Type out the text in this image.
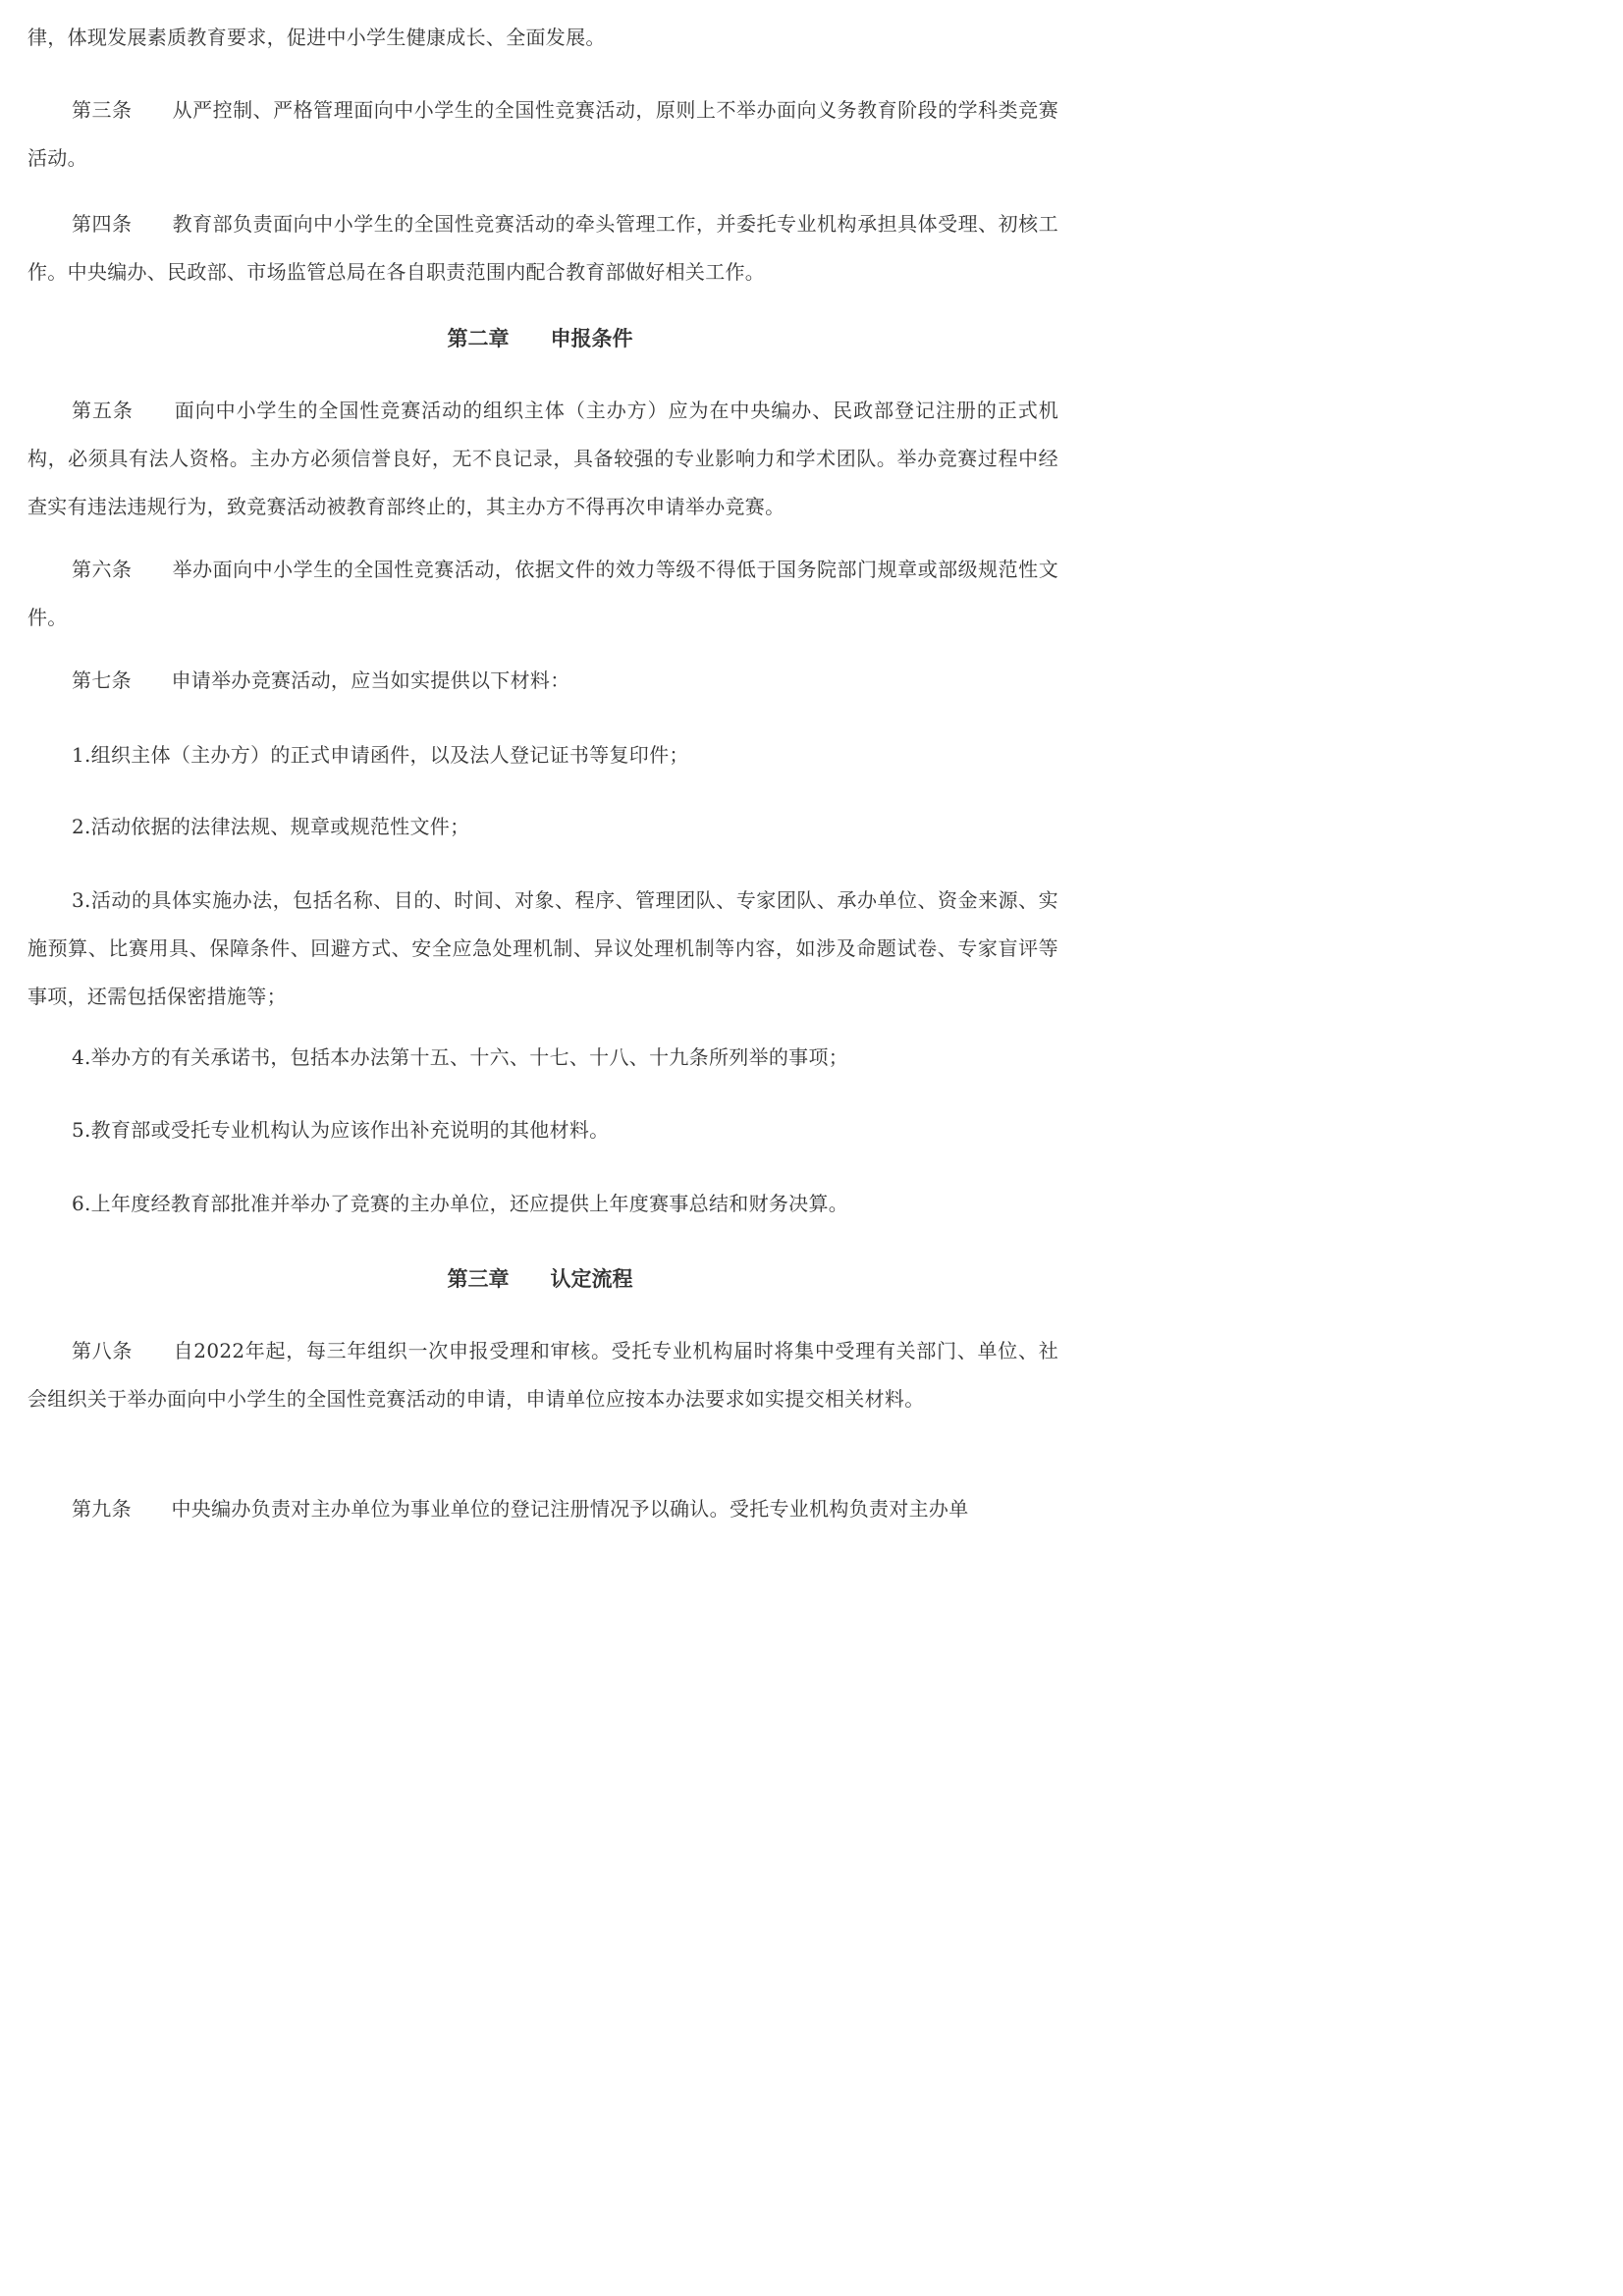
律，体现发展素质教育要求，促进中小学生健康成长、全面发展。

第三条　　从严控制、严格管理面向中小学生的全国性竞赛活动，原则上不举办面向义务教育阶段的学科类竞赛活动。

第四条　　教育部负责面向中小学生的全国性竞赛活动的牵头管理工作，并委托专业机构承担具体受理、初核工作。中央编办、民政部、市场监管总局在各自职责范围内配合教育部做好相关工作。

第二章　　申报条件

第五条　　面向中小学生的全国性竞赛活动的组织主体（主办方）应为在中央编办、民政部登记注册的正式机构，必须具有法人资格。主办方必须信誉良好，无不良记录，具备较强的专业影响力和学术团队。举办竞赛过程中经查实有违法违规行为，致竞赛活动被教育部终止的，其主办方不得再次申请举办竞赛。

第六条　　举办面向中小学生的全国性竞赛活动，依据文件的效力等级不得低于国务院部门规章或部级规范性文件。

第七条　　申请举办竞赛活动，应当如实提供以下材料：

1.组织主体（主办方）的正式申请函件，以及法人登记证书等复印件；

2.活动依据的法律法规、规章或规范性文件；

3.活动的具体实施办法，包括名称、目的、时间、对象、程序、管理团队、专家团队、承办单位、资金来源、实施预算、比赛用具、保障条件、回避方式、安全应急处理机制、异议处理机制等内容，如涉及命题试卷、专家盲评等事项，还需包括保密措施等；

4.举办方的有关承诺书，包括本办法第十五、十六、十七、十八、十九条所列举的事项；

5.教育部或受托专业机构认为应该作出补充说明的其他材料。

6.上年度经教育部批准并举办了竞赛的主办单位，还应提供上年度赛事总结和财务决算。

第三章　　认定流程

第八条　　自2022年起，每三年组织一次申报受理和审核。受托专业机构届时将集中受理有关部门、单位、社会组织关于举办面向中小学生的全国性竞赛活动的申请，申请单位应按本办法要求如实提交相关材料。

第九条　　中央编办负责对主办单位为事业单位的登记注册情况予以确认。受托专业机构负责对主办单
